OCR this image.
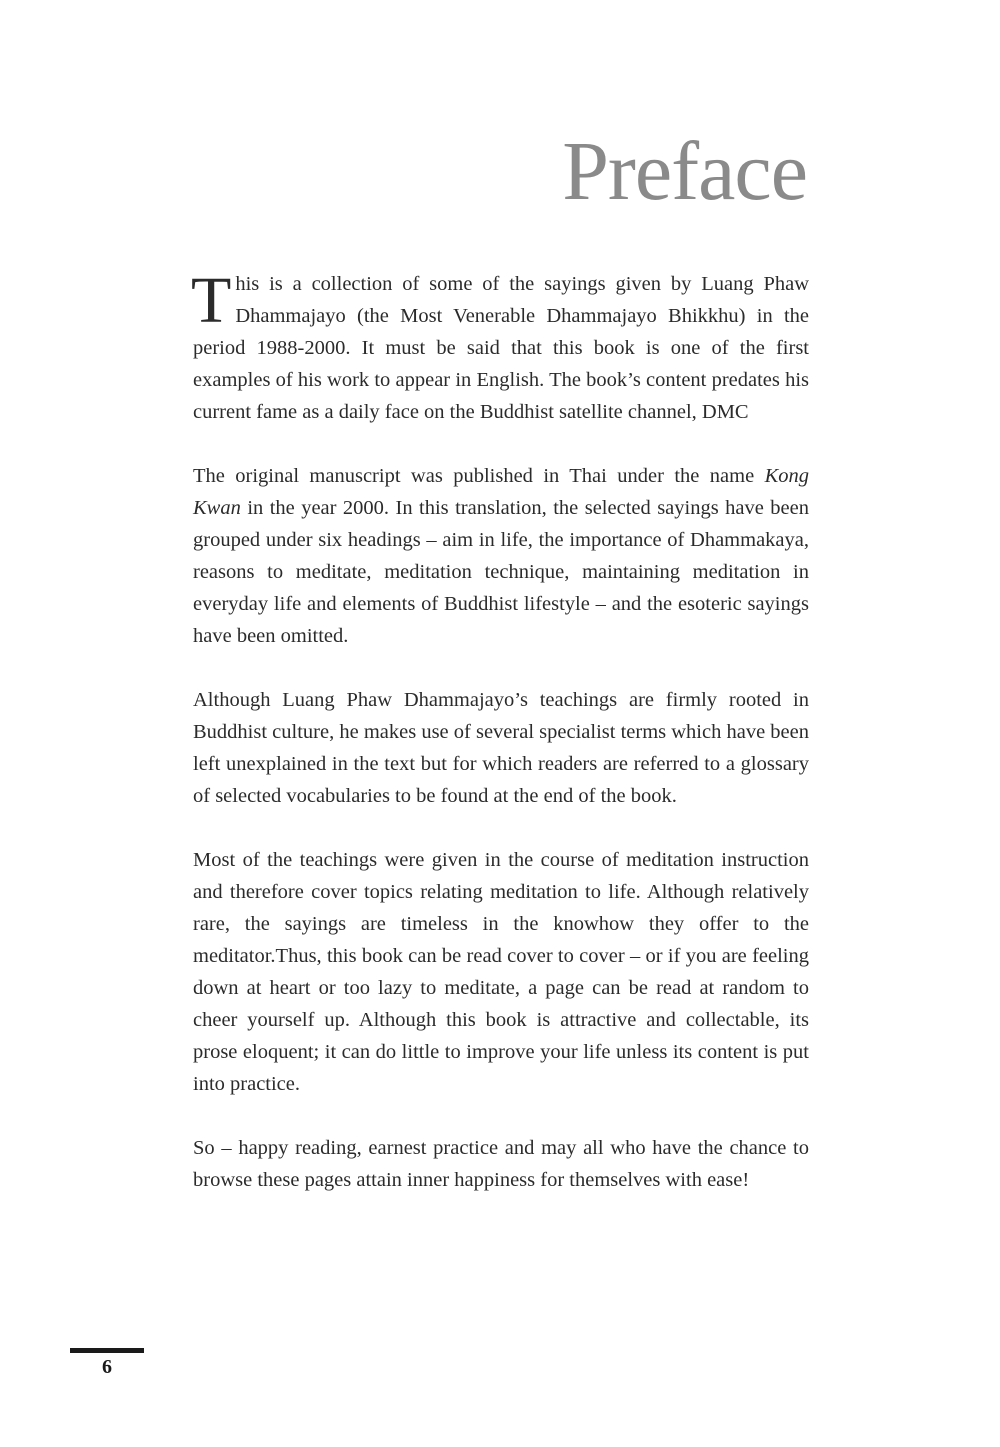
Preface

This is a collection of some of the sayings given by Luang Phaw Dhammajayo (the Most Venerable Dhammajayo Bhikkhu) in the period 1988-2000. It must be said that this book is one of the first examples of his work to appear in English. The book’s content predates his current fame as a daily face on the Buddhist satellite channel, DMC

The original manuscript was published in Thai under the name Kong Kwan in the year 2000. In this translation, the selected sayings have been grouped under six headings – aim in life, the importance of Dhammakaya, reasons to meditate, meditation technique, maintaining meditation in everyday life and elements of Buddhist lifestyle – and the esoteric sayings have been omitted.

Although Luang Phaw Dhammajayo’s teachings are firmly rooted in Buddhist culture, he makes use of several specialist terms which have been left unexplained in the text but for which readers are referred to a glossary of selected vocabularies to be found at the end of the book.

Most of the teachings were given in the course of meditation instruction and therefore cover topics relating meditation to life. Although relatively rare, the sayings are timeless in the knowhow they offer to the meditator.Thus, this book can be read cover to cover – or if you are feeling down at heart or too lazy to meditate, a page can be read at random to cheer yourself up. Although this book is attractive and collectable, its prose eloquent; it can do little to improve your life unless its content is put into practice.

So – happy reading, earnest practice and may all who have the chance to browse these pages attain inner happiness for themselves with ease!

6
